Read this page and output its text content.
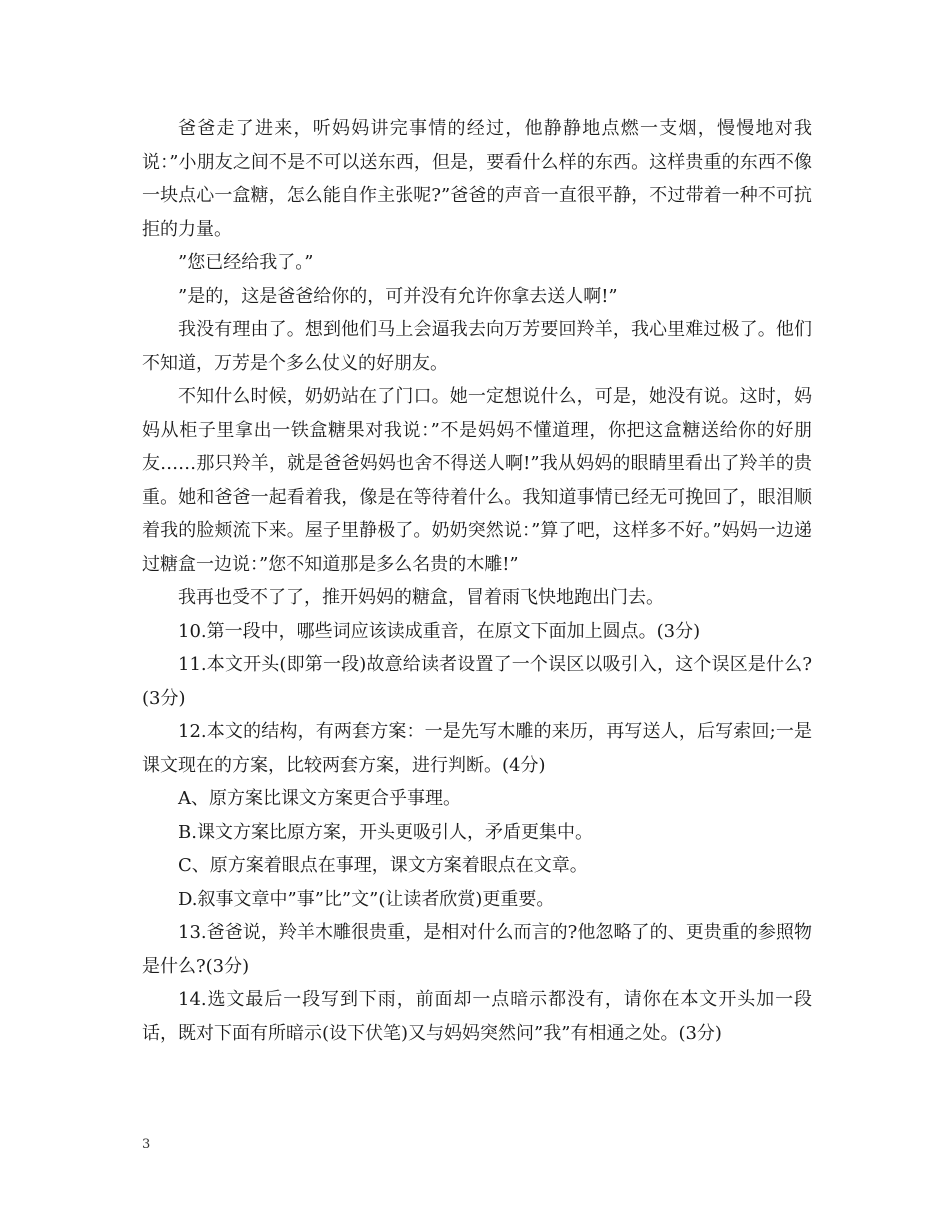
爸爸走了进来，听妈妈讲完事情的经过，他静静地点燃一支烟，慢慢地对我说：”小朋友之间不是不可以送东西，但是，要看什么样的东西。这样贵重的东西不像一块点心一盒糖，怎么能自作主张呢?”爸爸的声音一直很平静，不过带着一种不可抗拒的力量。

”您已经给我了。”

”是的，这是爸爸给你的，可并没有允许你拿去送人啊!”

我没有理由了。想到他们马上会逼我去向万芳要回羚羊，我心里难过极了。他们不知道，万芳是个多么仗义的好朋友。

不知什么时候，奶奶站在了门口。她一定想说什么，可是，她没有说。这时，妈妈从柜子里拿出一铁盒糖果对我说：”不是妈妈不懂道理，你把这盒糖送给你的好朋友……那只羚羊，就是爸爸妈妈也舍不得送人啊!”我从妈妈的眼睛里看出了羚羊的贵重。她和爸爸一起看着我，像是在等待着什么。我知道事情已经无可挽回了，眼泪顺着我的脸颊流下来。屋子里静极了。奶奶突然说：”算了吧，这样多不好。”妈妈一边递过糖盒一边说：”您不知道那是多么名贵的木雕!”

我再也受不了了，推开妈妈的糖盒，冒着雨飞快地跑出门去。

10.第一段中，哪些词应该读成重音，在原文下面加上圆点。(3分)

11.本文开头(即第一段)故意给读者设置了一个误区以吸引入，这个误区是什么?(3分)

12.本文的结构，有两套方案：一是先写木雕的来历，再写送人，后写索回;一是课文现在的方案，比较两套方案，进行判断。(4分)

A、原方案比课文方案更合乎事理。

B.课文方案比原方案，开头更吸引人，矛盾更集中。

C、原方案着眼点在事理，课文方案着眼点在文章。

D.叙事文章中”事”比”文”(让读者欣赏)更重要。

13.爸爸说，羚羊木雕很贵重，是相对什么而言的?他忽略了的、更贵重的参照物是什么?(3分)

14.选文最后一段写到下雨，前面却一点暗示都没有，请你在本文开头加一段话，既对下面有所暗示(设下伏笔)又与妈妈突然问”我”有相通之处。(3分)

3
